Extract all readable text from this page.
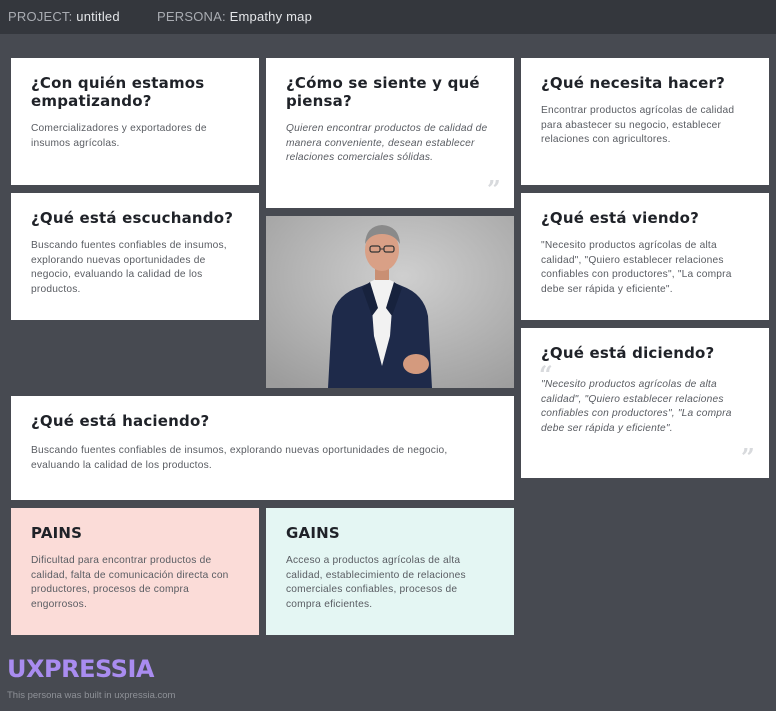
PROJECT: untitled	PERSONA: Empathy map
¿Con quién estamos empatizando?

Comercializadores y exportadores de insumos agrícolas.

¿Cómo se siente y qué piensa?

Quieren encontrar productos de calidad de manera conveniente, desean establecer relaciones comerciales sólidas.

”
¿Qué necesita hacer?

Encontrar productos agrícolas de calidad para abastecer su negocio, establecer relaciones con agricultores.

¿Qué está escuchando?

Buscando fuentes confiables de insumos, explorando nuevas oportunidades de negocio, evaluando la calidad de los productos.

¿Qué está viendo?

"Necesito productos agrícolas de alta calidad", "Quiero establecer relaciones confiables con productores", "La compra debe ser rápida y eficiente".

¿Qué está diciendo?
“

"Necesito productos agrícolas de alta calidad", "Quiero establecer relaciones confiables con productores", "La compra debe ser rápida y eficiente".

”
¿Qué está haciendo?

Buscando fuentes confiables de insumos, explorando nuevas oportunidades de negocio, evaluando la calidad de los productos.

PAINS

Dificultad para encontrar productos de calidad, falta de comunicación directa con productores, procesos de compra engorrosos.

GAINS

Acceso a productos agrícolas de alta calidad, establecimiento de relaciones comerciales confiables, procesos de compra eficientes.

UXPRESSIA
This persona was built in uxpressia.com
